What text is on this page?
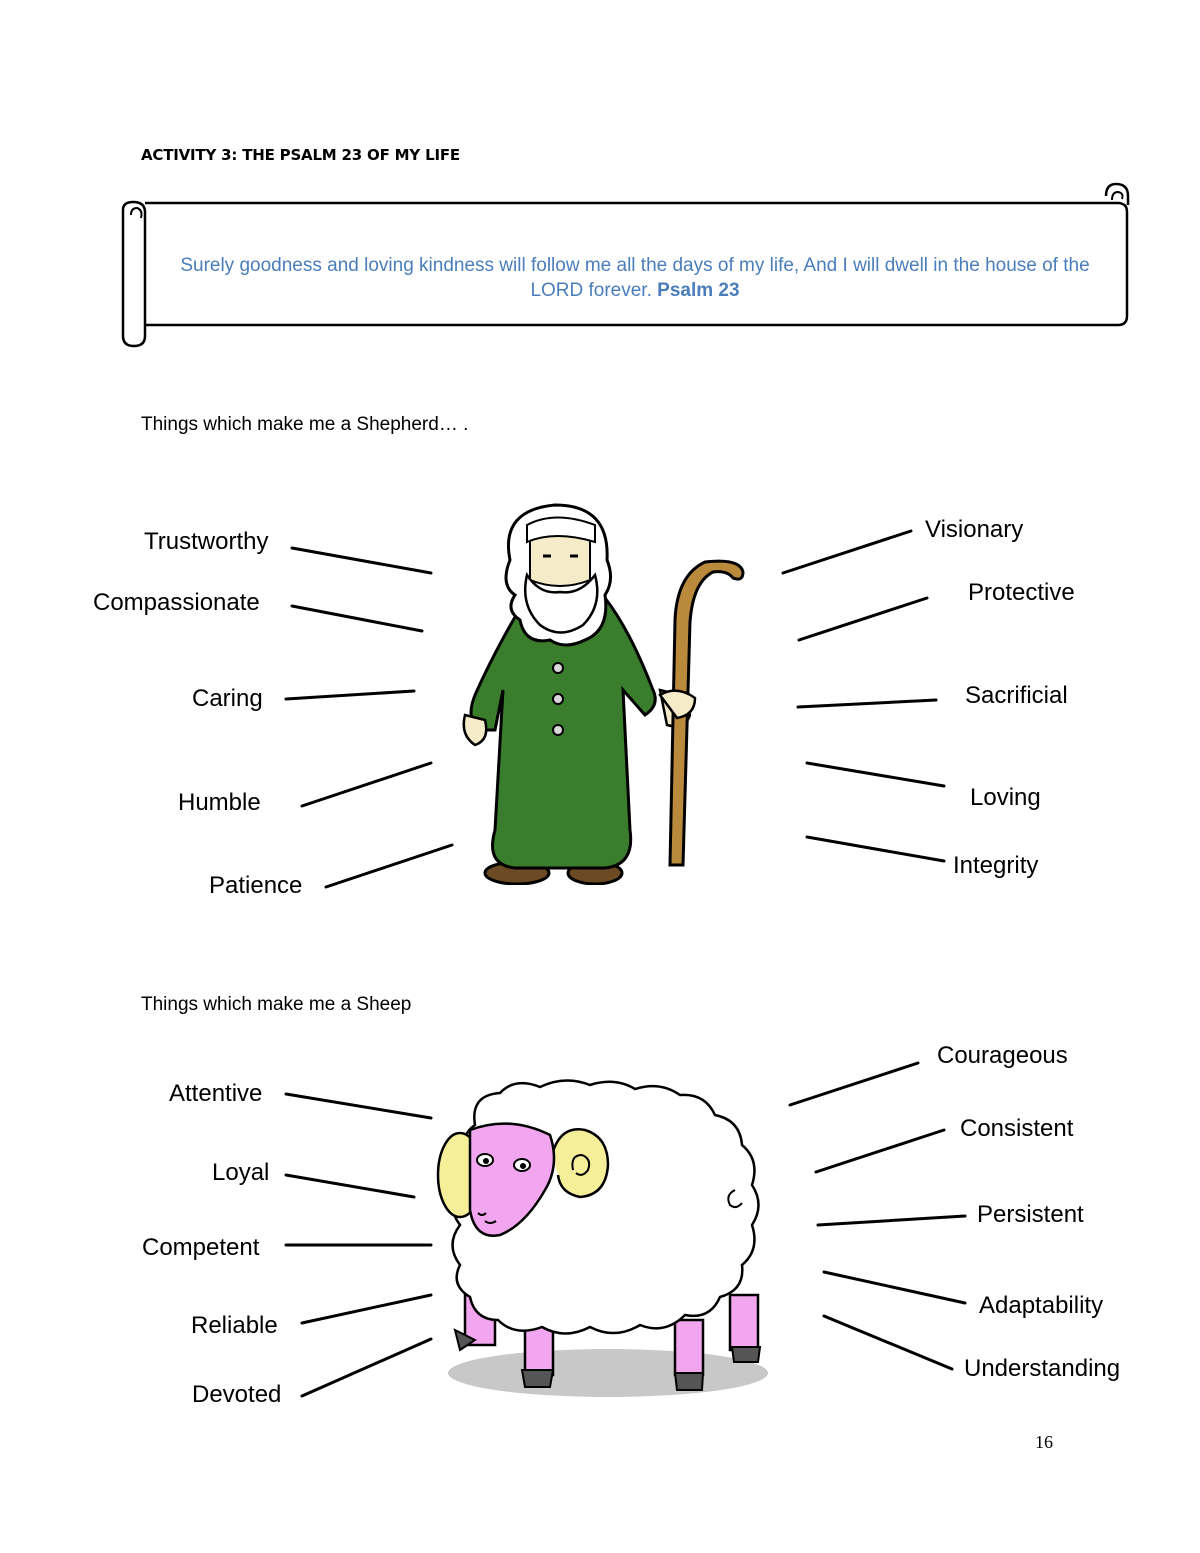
ACTIVITY 3: THE PSALM 23 OF MY LIFE
Surely goodness and loving kindness will follow me all the days of my life, And I will dwell in the house of the LORD forever. Psalm 23
Things which make me a Shepherd… .
Things which make me a Sheep
Trustworthy
Compassionate
Caring
Humble
Patience
Visionary
Protective
Sacrificial
Loving
Integrity
Attentive
Loyal
Competent
Reliable
Devoted
Courageous
Consistent
Persistent
Adaptability
Understanding
16
